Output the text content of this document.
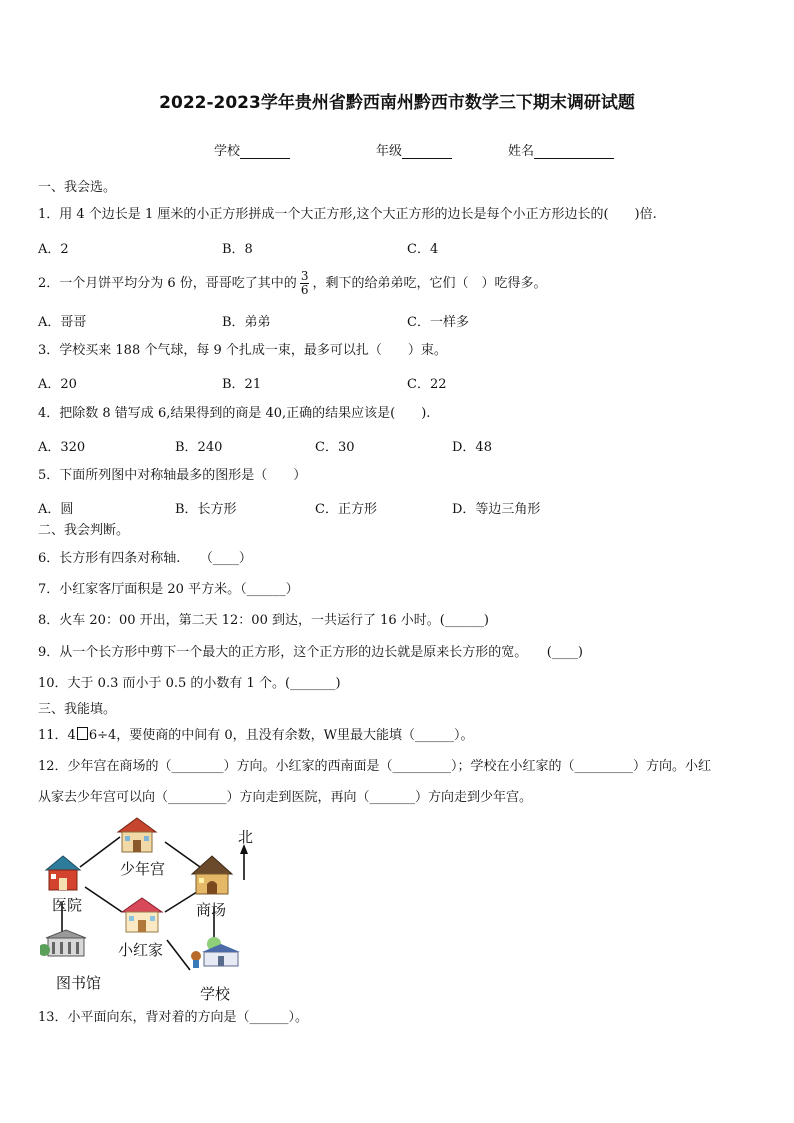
2022-2023学年贵州省黔西南州黔西市数学三下期末调研试题
学校	年级	姓名
一、我会选。
1．用 4 个边长是 1 厘米的小正方形拼成一个大正方形,这个大正方形的边长是每个小正方形边长的(　　)倍.
A．2	B．8	C．4
2．一个月饼平均分为 6 份，哥哥吃了其中的 $\frac{3}{6}$ ，剩下的给弟弟吃，它们（　）吃得多。
A．哥哥	B．弟弟	C．一样多
3．学校买来 188 个气球，每 9 个扎成一束，最多可以扎（　　）束。
A．20	B．21	C．22
4．把除数 8 错写成 6,结果得到的商是 40,正确的结果应该是(　　).
A．320	B．240	C．30	D．48
5．下面所列图中对称轴最多的图形是（　　）
A．圆	B．长方形	C．正方形	D．等边三角形
二、我会判断。
6．长方形有四条对称轴.　　（____）
7．小红家客厅面积是 20 平方米。（______）
8．火车 20：00 开出，第二天 12：00 到达，一共运行了 16 小时。(______)
9．从一个长方形中剪下一个最大的正方形，这个正方形的边长就是原来长方形的宽。　　(____)
10．大于 0.3 而小于 0.5 的小数有 1 个。(_______)
三、我能填。
11．4 6÷4，要使商的中间有 0，且没有余数，W里最大能填（______）。
12．少年宫在商场的（________）方向。小红家的西南面是（_________）；学校在小红家的（_________）方向。小红
从家去少年宫可以向（_________）方向走到医院，再向（_______）方向走到少年宫。
少年宫
商场
医院
小红家
图书馆
学校
北
13．小平面向东，背对着的方向是（______）。
